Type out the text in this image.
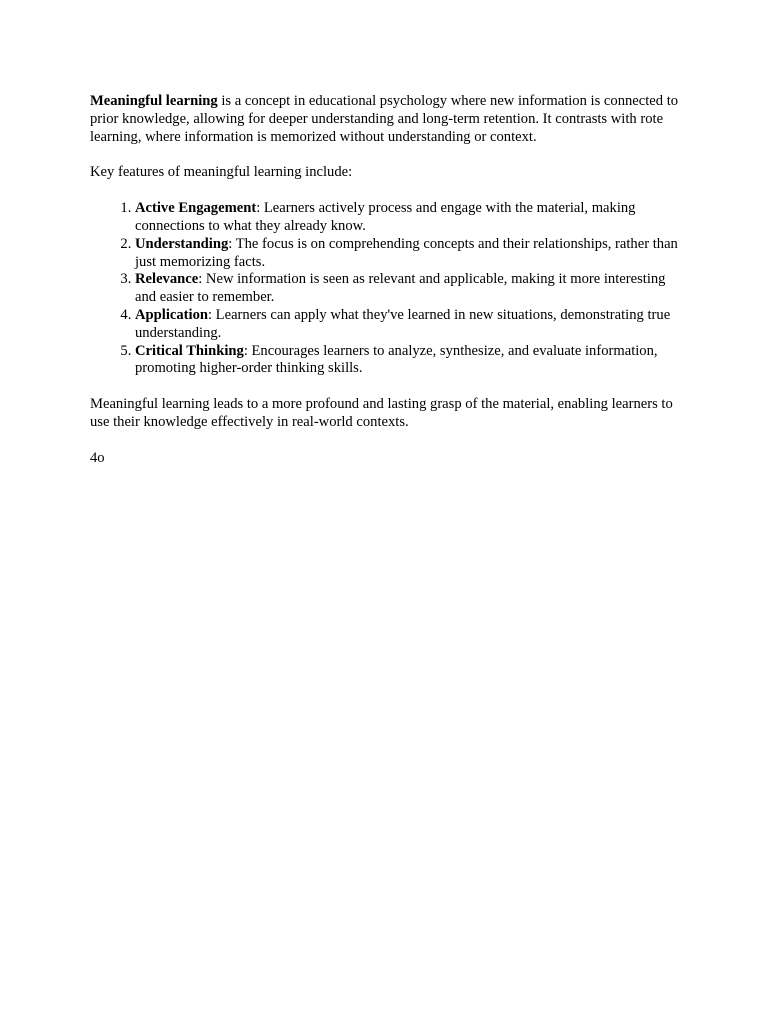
Meaningful learning is a concept in educational psychology where new information is connected to prior knowledge, allowing for deeper understanding and long-term retention. It contrasts with rote learning, where information is memorized without understanding or context.

Key features of meaningful learning include:

1. Active Engagement: Learners actively process and engage with the material, making connections to what they already know.
2. Understanding: The focus is on comprehending concepts and their relationships, rather than just memorizing facts.
3. Relevance: New information is seen as relevant and applicable, making it more interesting and easier to remember.
4. Application: Learners can apply what they've learned in new situations, demonstrating true understanding.
5. Critical Thinking: Encourages learners to analyze, synthesize, and evaluate information, promoting higher-order thinking skills.

Meaningful learning leads to a more profound and lasting grasp of the material, enabling learners to use their knowledge effectively in real-world contexts.

4o
